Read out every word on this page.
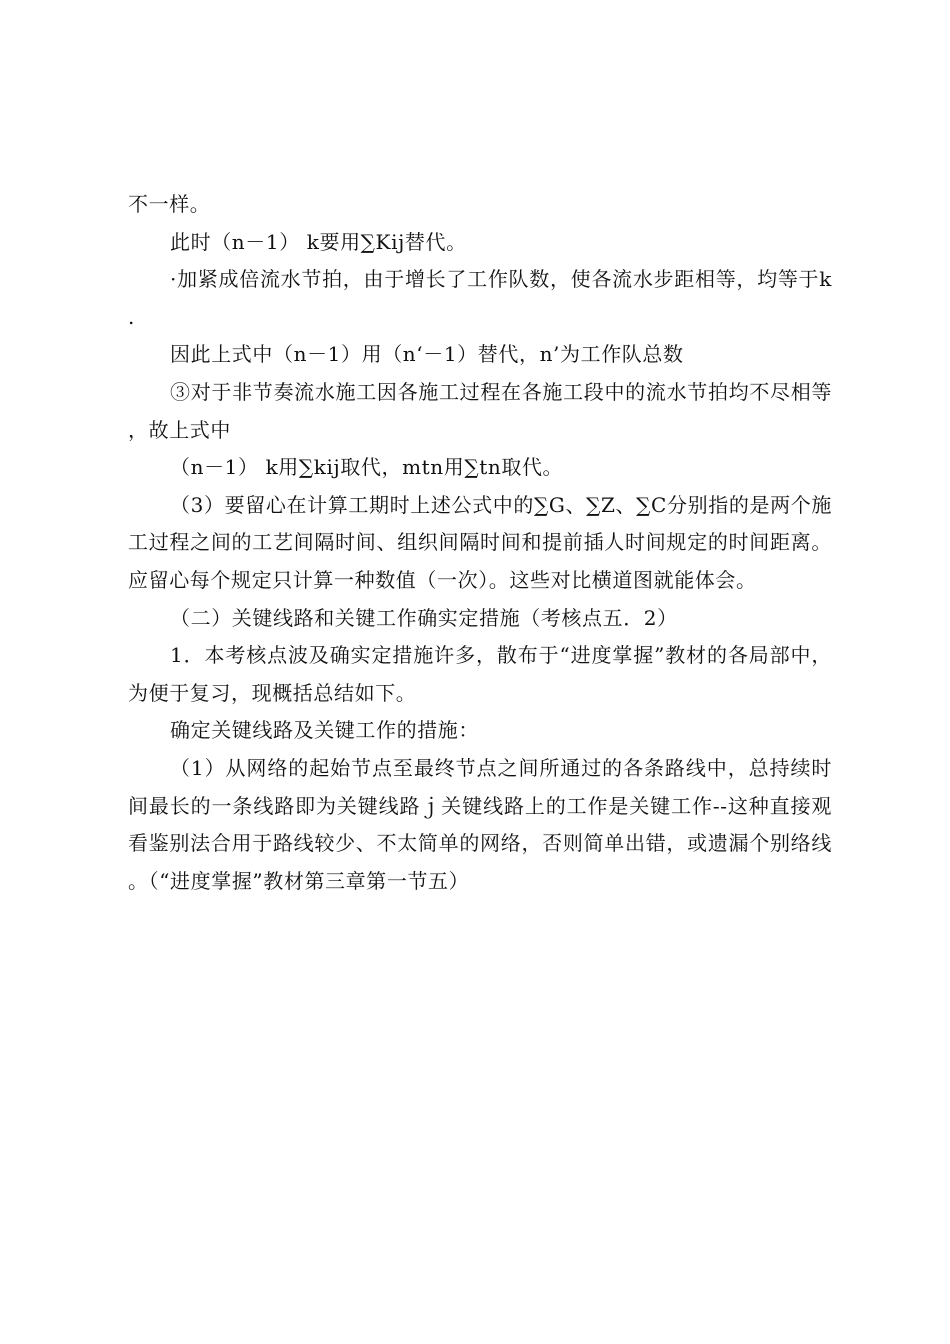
不一样。

此时（n－1） k要用∑Kij替代。

·加紧成倍流水节拍，由于增长了工作队数，使各流水步距相等，均等于k.

因此上式中（n－1）用（n‘－1）替代，n’为工作队总数

③对于非节奏流水施工因各施工过程在各施工段中的流水节拍均不尽相等，故上式中

（n－1） k用∑kij取代，mtn用∑tn取代。

（3）要留心在计算工期时上述公式中的∑G、∑Z、∑C分别指的是两个施工过程之间的工艺间隔时间、组织间隔时间和提前插人时间规定的时间距离。应留心每个规定只计算一种数值（一次）。这些对比横道图就能体会。

（二）关键线路和关键工作确实定措施（考核点五．2）

1．本考核点波及确实定措施许多，散布于“进度掌握”教材的各局部中，为便于复习，现概括总结如下。

确定关键线路及关键工作的措施：

（1）从网络的起始节点至最终节点之间所通过的各条路线中，总持续时间最长的一条线路即为关键线路ｊ关键线路上的工作是关键工作--这种直接观看鉴别法合用于路线较少、不太简单的网络，否则简单出错，或遗漏个别络线。（“进度掌握”教材第三章第一节五）
